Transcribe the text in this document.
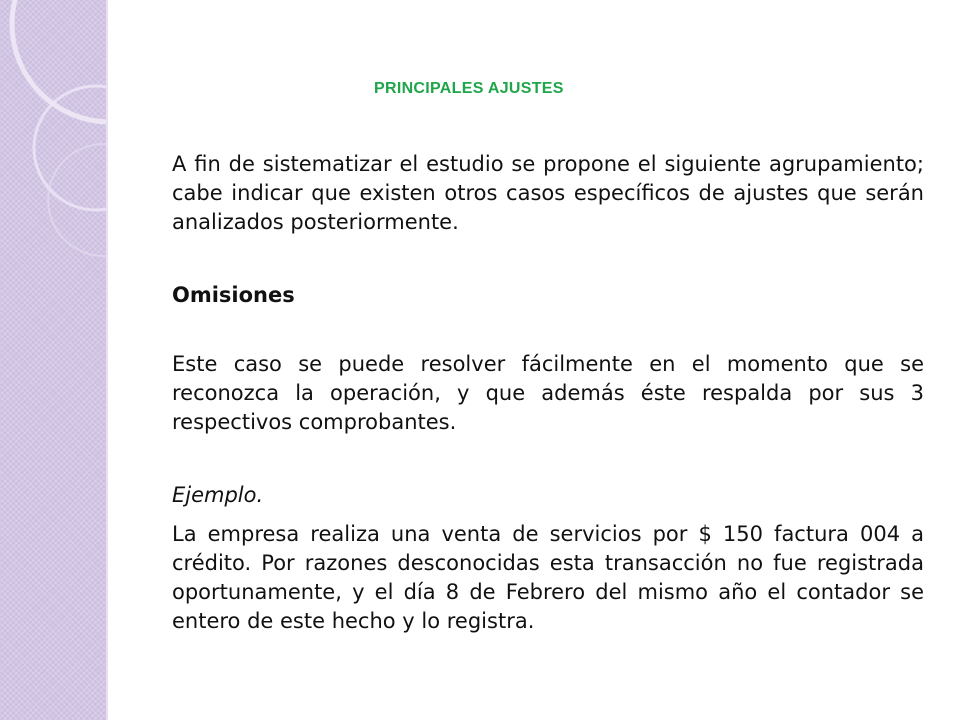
PRINCIPALES AJUSTES

A fin de sistematizar el estudio se propone el siguiente agrupamiento; cabe indicar que existen otros casos específicos de ajustes que serán analizados posteriormente.

Omisiones

Este caso se puede resolver fácilmente en el momento que se reconozca la operación, y que además éste respalda por sus 3 respectivos comprobantes.

Ejemplo.

La empresa realiza una venta de servicios por $ 150 factura 004 a crédito. Por razones desconocidas esta transacción no fue registrada oportunamente, y el día 8 de Febrero del mismo año el contador se entero de este hecho y lo registra.
